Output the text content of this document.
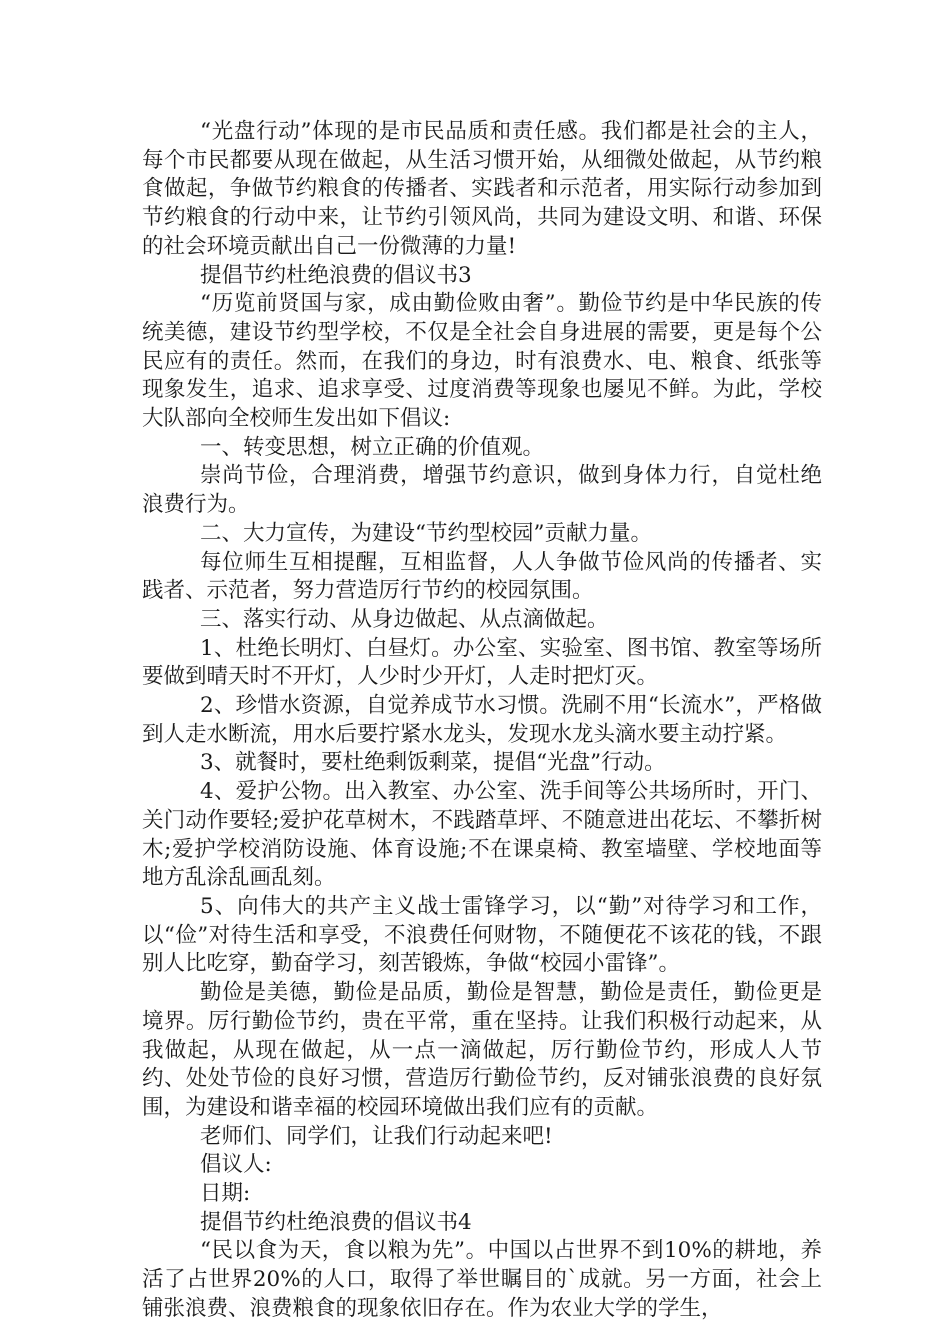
“光盘行动”体现的是市民品质和责任感。我们都是社会的主人，每个市民都要从现在做起，从生活习惯开始，从细微处做起，从节约粮食做起，争做节约粮食的传播者、实践者和示范者，用实际行动参加到节约粮食的行动中来，让节约引领风尚，共同为建设文明、和谐、环保的社会环境贡献出自己一份微薄的力量!

提倡节约杜绝浪费的倡议书3

“历览前贤国与家，成由勤俭败由奢”。勤俭节约是中华民族的传统美德，建设节约型学校，不仅是全社会自身进展的需要，更是每个公民应有的责任。然而，在我们的身边，时有浪费水、电、粮食、纸张等现象发生，追求、追求享受、过度消费等现象也屡见不鲜。为此，学校大队部向全校师生发出如下倡议:

一、转变思想，树立正确的价值观。

崇尚节俭，合理消费，增强节约意识，做到身体力行，自觉杜绝浪费行为。

二、大力宣传，为建设“节约型校园”贡献力量。

每位师生互相提醒，互相监督，人人争做节俭风尚的传播者、实践者、示范者，努力营造厉行节约的校园氛围。

三、落实行动、从身边做起、从点滴做起。

1、杜绝长明灯、白昼灯。办公室、实验室、图书馆、教室等场所要做到晴天时不开灯，人少时少开灯，人走时把灯灭。

2、珍惜水资源，自觉养成节水习惯。洗刷不用“长流水”，严格做到人走水断流，用水后要拧紧水龙头，发现水龙头滴水要主动拧紧。

3、就餐时，要杜绝剩饭剩菜，提倡“光盘”行动。

4、爱护公物。出入教室、办公室、洗手间等公共场所时，开门、关门动作要轻;爱护花草树木，不践踏草坪、不随意进出花坛、不攀折树木;爱护学校消防设施、体育设施;不在课桌椅、教室墙壁、学校地面等地方乱涂乱画乱刻。

5、向伟大的共产主义战士雷锋学习，以“勤”对待学习和工作，以“俭”对待生活和享受，不浪费任何财物，不随便花不该花的钱，不跟别人比吃穿，勤奋学习，刻苦锻炼，争做“校园小雷锋”。

勤俭是美德，勤俭是品质，勤俭是智慧，勤俭是责任，勤俭更是境界。厉行勤俭节约，贵在平常，重在坚持。让我们积极行动起来，从我做起，从现在做起，从一点一滴做起，厉行勤俭节约，形成人人节约、处处节俭的良好习惯，营造厉行勤俭节约，反对铺张浪费的良好氛围，为建设和谐幸福的校园环境做出我们应有的贡献。

老师们、同学们，让我们行动起来吧!

倡议人:

日期:

提倡节约杜绝浪费的倡议书4

“民以食为天，食以粮为先”。中国以占世界不到10%的耕地，养活了占世界20%的人口，取得了举世瞩目的`成就。另一方面，社会上铺张浪费、浪费粮食的现象依旧存在。作为农业大学的学生，
